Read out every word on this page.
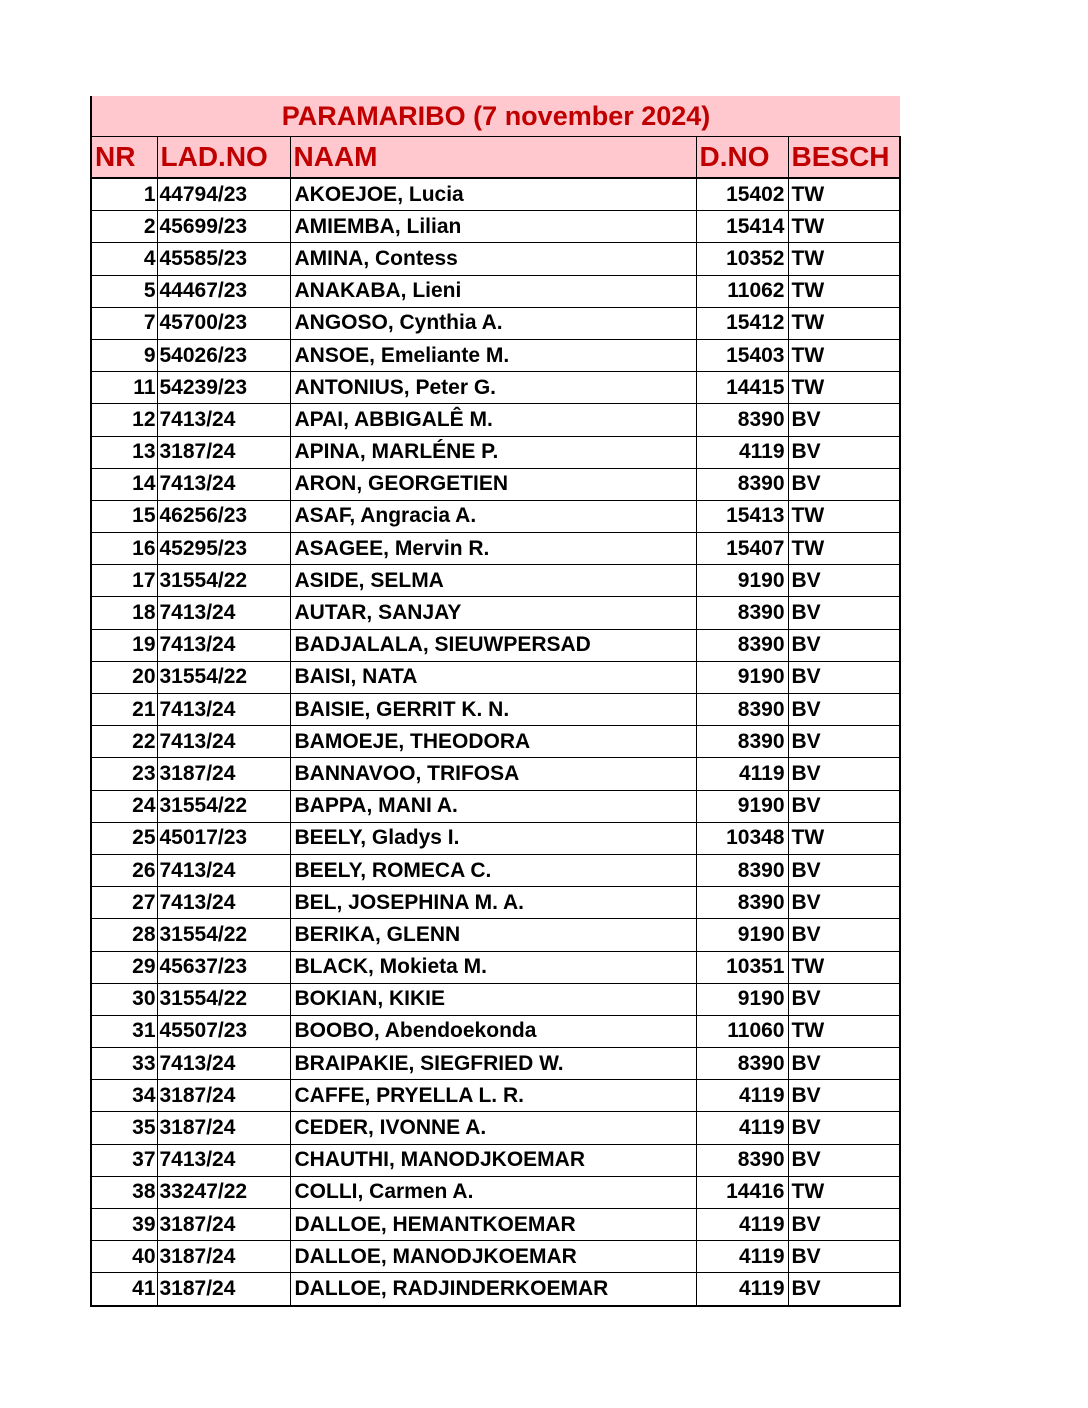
PARAMARIBO (7 november 2024)				
NR	LAD.NO	NAAM	D.NO	BESCH
1	44794/23	AKOEJOE, Lucia	15402	TW
2	45699/23	AMIEMBA, Lilian	15414	TW
4	45585/23	AMINA, Contess	10352	TW
5	44467/23	ANAKABA, Lieni	11062	TW
7	45700/23	ANGOSO, Cynthia A.	15412	TW
9	54026/23	ANSOE, Emeliante M.	15403	TW
11	54239/23	ANTONIUS, Peter G.	14415	TW
12	7413/24	APAI, ABBIGALÊ M.	8390	BV
13	3187/24	APINA, MARLÉNE P.	4119	BV
14	7413/24	ARON, GEORGETIEN	8390	BV
15	46256/23	ASAF, Angracia A.	15413	TW
16	45295/23	ASAGEE, Mervin R.	15407	TW
17	31554/22	ASIDE, SELMA	9190	BV
18	7413/24	AUTAR, SANJAY	8390	BV
19	7413/24	BADJALALA, SIEUWPERSAD	8390	BV
20	31554/22	BAISI, NATA	9190	BV
21	7413/24	BAISIE, GERRIT K. N.	8390	BV
22	7413/24	BAMOEJE, THEODORA	8390	BV
23	3187/24	BANNAVOO, TRIFOSA	4119	BV
24	31554/22	BAPPA, MANI A.	9190	BV
25	45017/23	BEELY, Gladys I.	10348	TW
26	7413/24	BEELY, ROMECA C.	8390	BV
27	7413/24	BEL, JOSEPHINA M. A.	8390	BV
28	31554/22	BERIKA, GLENN	9190	BV
29	45637/23	BLACK, Mokieta M.	10351	TW
30	31554/22	BOKIAN, KIKIE	9190	BV
31	45507/23	BOOBO, Abendoekonda	11060	TW
33	7413/24	BRAIPAKIE, SIEGFRIED W.	8390	BV
34	3187/24	CAFFE, PRYELLA L. R.	4119	BV
35	3187/24	CEDER, IVONNE A.	4119	BV
37	7413/24	CHAUTHI, MANODJKOEMAR	8390	BV
38	33247/22	COLLI, Carmen A.	14416	TW
39	3187/24	DALLOE, HEMANTKOEMAR	4119	BV
40	3187/24	DALLOE, MANODJKOEMAR	4119	BV
41	3187/24	DALLOE, RADJINDERKOEMAR	4119	BV
